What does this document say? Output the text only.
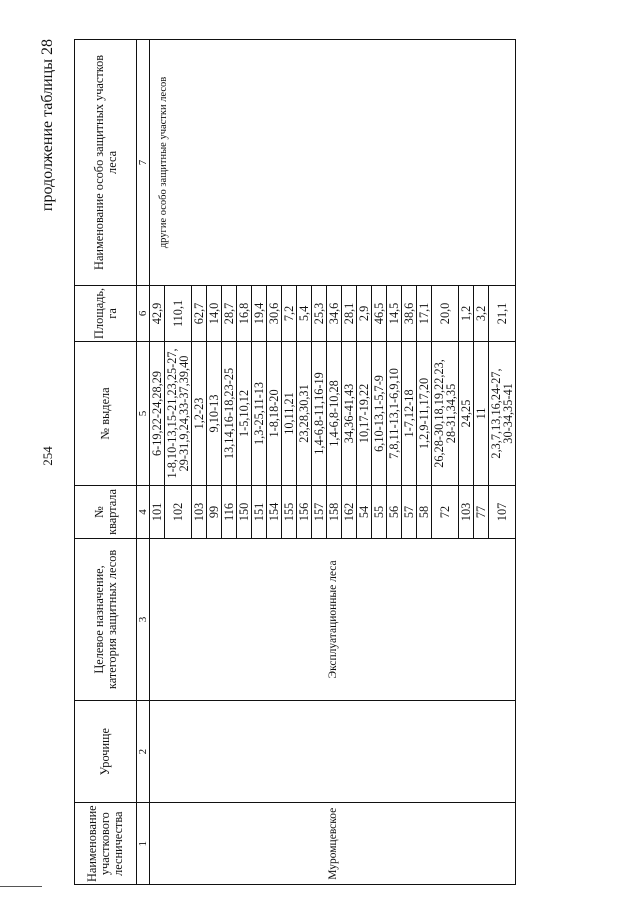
254
продолжение таблицы 28
Наименование участкового лесничества	Урочище	Целевое назначение, категория защитных лесов	№ квартала	№ выдела	Площадь, га	Наименование особо защитных участков леса
1	2	3	4	5	6	7
Муромцевское		Эксплуатационные леса	101	6-19,22-24,28,29	42,9	другие особо защитные участки лесов
			102	1-8,10-13,15-21,23,25-27,
29-31,9,24,33-37,39,40	110,1	
			103	1,2-23	62,7	
			99	9,10-13	14,0	
			116	13,14,16-18,23-25	28,7	
			150	1-5,10,12	16,8	
			151	1,3-25,11-13	19,4	
			154	1-8,18-20	30,6	
			155	10,11,21	7,2	
			156	23,28,30,31	5,4	
			157	1,4-6,8-11,16-19	25,3	
			158	1,4-6,8-10,28	34,6	
			162	34,36-41,43	28,1	
			54	10,17-19,22	2,9	
			55	6,10-13,1-5,7-9	46,5	
			56	7,8,11-13,1-6,9,10	14,5	
			57	1-7,12-18	38,6	
			58	1,2,9-11,17,20	17,1	
			72	26,28-30,18,19,22,23,
28-31,34,35	20,0	
			103	24,25	1,2	
			77	11	3,2	
			107	2,3,7,13,16,24-27,
30-34,35-41	21,1	
